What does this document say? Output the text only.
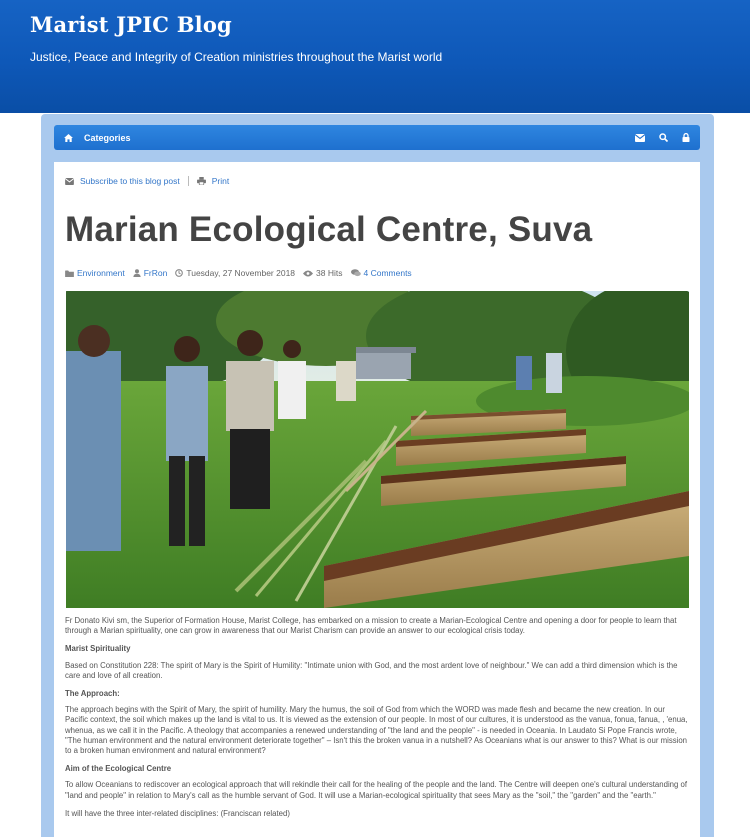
Marist JPIC Blog
Justice, Peace and Integrity of Creation ministries throughout the Marist world
Categories
Subscribe to this blog post	Print
Marian Ecological Centre, Suva
Environment FrRon Tuesday, 27 November 2018 38 Hits 4 Comments

Fr Donato Kivi sm, the Superior of Formation House, Marist College, has embarked on a mission to create a Marian-Ecological Centre and opening a door for people to learn that through a Marian spirituality, one can grow in awareness that our Marist Charism can provide an answer to our ecological crisis today.

Marist Spirituality

Based on Constitution 228: The spirit of Mary is the Spirit of Humility: "Intimate union with God, and the most ardent love of neighbour." We can add a third dimension which is the care and love of all creation.

The Approach:

The approach begins with the Spirit of Mary, the spirit of humility. Mary the humus, the soil of God from which the WORD was made flesh and became the new creation. In our Pacific context, the soil which makes up the land is vital to us. It is viewed as the extension of our people. In most of our cultures, it is understood as the vanua, fonua, fanua, , 'enua, whenua, as we call it in the Pacific. A theology that accompanies a renewed understanding of "the land and the people" - is needed in Oceania. In Laudato Si Pope Francis wrote, "The human environment and the natural environment deteriorate together" – Isn't this the broken vanua in a nutshell? As Oceanians what is our answer to this? What is our mission to a broken human environment and natural environment?

Aim of the Ecological Centre

To allow Oceanians to rediscover an ecological approach that will rekindle their call for the healing of the people and the land. The Centre will deepen one's cultural understanding of "land and people" in relation to Mary's call as the humble servant of God. It will use a Marian-ecological spirituality that sees Mary as the "soil," the "garden" and the "earth."

It will have the three inter-related disciplines: (Franciscan related)
